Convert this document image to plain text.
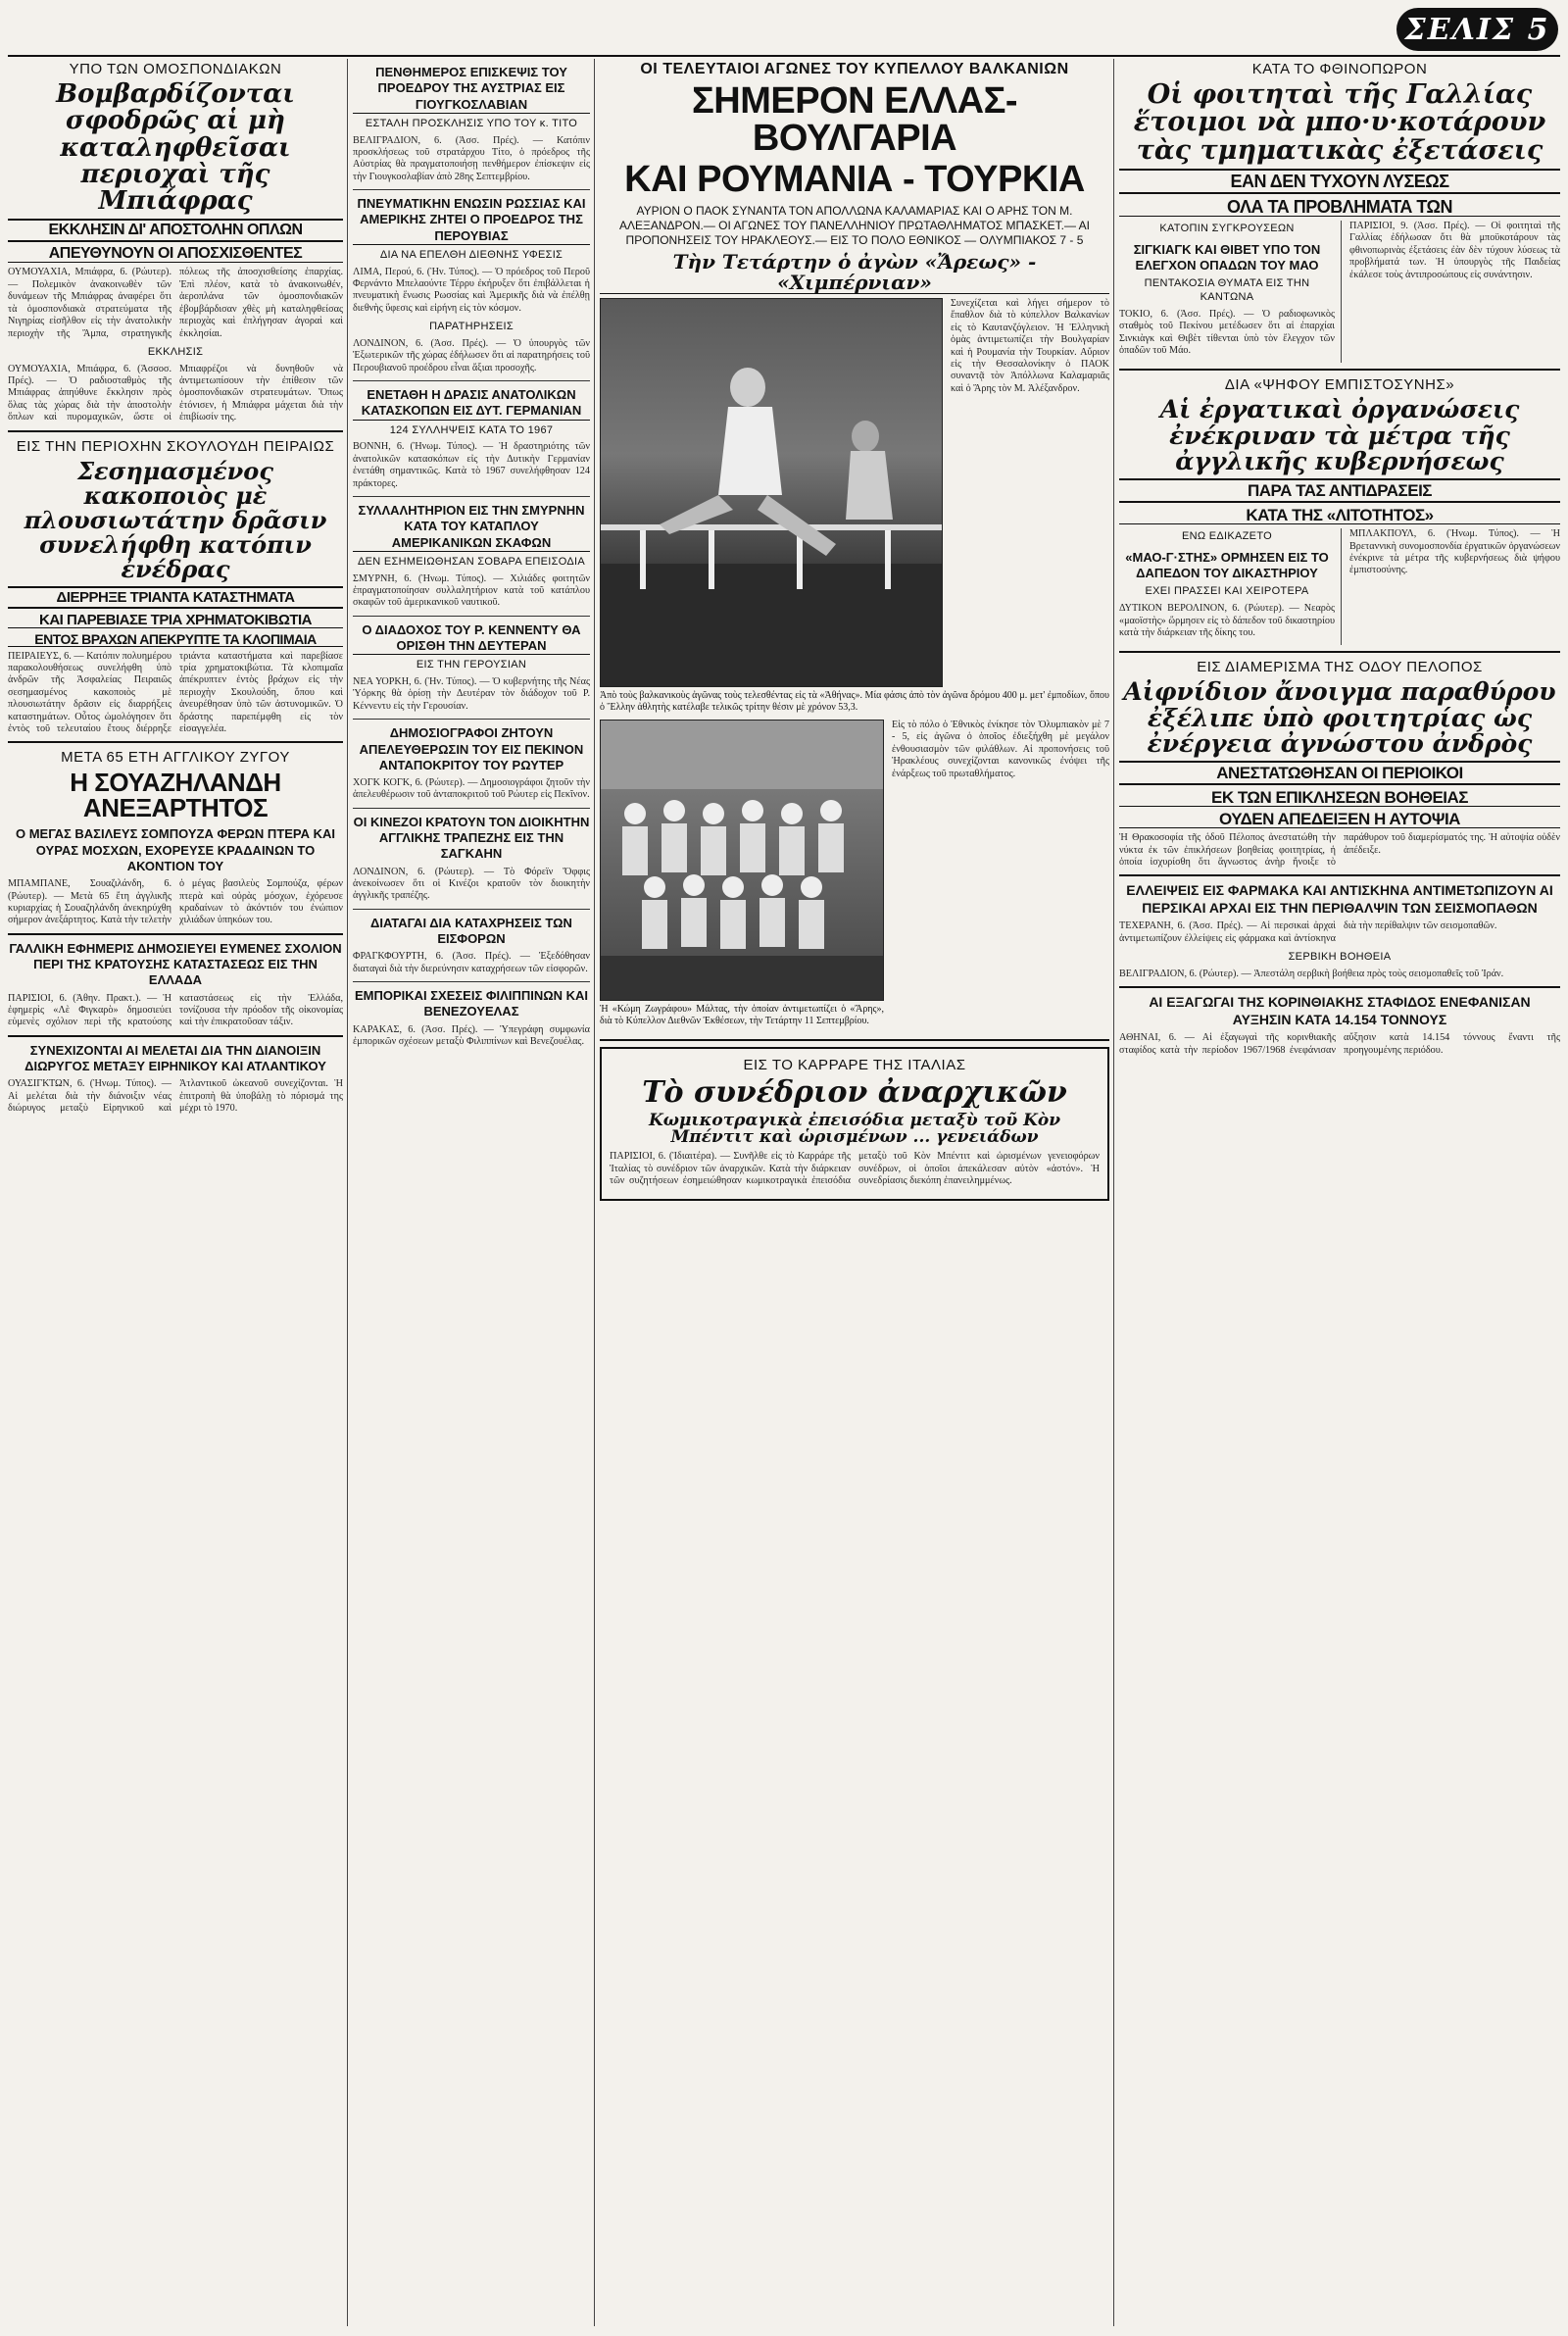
ΣΕΛΙΣ 5
ΥΠΟ ΤΩΝ ΟΜΟΣΠΟΝΔΙΑΚΩΝ
Βομβαρδίζονται σφοδρῶς αἱ μὴ καταληφθεῖσαι περιοχαὶ τῆς Μπιάφρας
ΕΚΚΛΗΣΙΝ ΔΙ' ΑΠΟΣΤΟΛΗΝ ΟΠΛΩΝ
ΑΠΕΥΘΥΝΟΥΝ ΟΙ ΑΠΟΣΧΙΣΘΕΝΤΕΣ

ΟΥΜΟΥΑΧΙΑ, Μπιάφρα, 6. (Ρώυτερ). — Πολεμικὸν ἀνακοινωθὲν τῶν δυνάμεων τῆς Μπιάφρας ἀναφέρει ὅτι τὰ ὁμοσπονδιακὰ στρατεύματα τῆς Νιγηρίας εἰσῆλθον εἰς τὴν ἀνατολικὴν περιοχὴν τῆς Ἄμπα, στρατηγικῆς πόλεως τῆς ἀποσχισθείσης ἐπαρχίας. Ἐπὶ πλέον, κατὰ τὸ ἀνακοινωθέν, ἀεροπλάνα τῶν ὁμοσπονδιακῶν ἐβομβάρδισαν χθὲς μὴ καταληφθείσας περιοχὰς καὶ ἐπλήγησαν ἀγοραὶ καὶ ἐκκλησίαι.

ΕΚΚΛΗΣΙΣ

ΟΥΜΟΥΑΧΙΑ, Μπιάφρα, 6. (Ἀσσοσ. Πρές). — Ὁ ραδιοσταθμὸς τῆς Μπιάφρας ἀπηύθυνε ἔκκλησιν πρὸς ὅλας τὰς χώρας διὰ τὴν ἀποστολὴν ὅπλων καὶ πυρομαχικῶν, ὥστε οἱ Μπιαφρέζοι νὰ δυνηθοῦν νὰ ἀντιμετωπίσουν τὴν ἐπίθεσιν τῶν ὁμοσπονδιακῶν στρατευμάτων. Ὅπως ἐτόνισεν, ἡ Μπιάφρα μάχεται διὰ τὴν ἐπιβίωσίν της.

ΕΙΣ ΤΗΝ ΠΕΡΙΟΧΗΝ ΣΚΟΥΛΟΥΔΗ ΠΕΙΡΑΙΩΣ
Σεσημασμένος κακοποιὸς μὲ πλουσιωτάτην δρᾶσιν συνελήφθη κατόπιν ἐνέδρας
ΔΙΕΡΡΗΞΕ ΤΡΙΑΝΤΑ ΚΑΤΑΣΤΗΜΑΤΑ
ΚΑΙ ΠΑΡΕΒΙΑΣΕ ΤΡΙΑ ΧΡΗΜΑΤΟΚΙΒΩΤΙΑ
ΕΝΤΟΣ ΒΡΑΧΩΝ ΑΠΕΚΡΥΠΤΕ ΤΑ ΚΛΟΠΙΜΑΙΑ

ΠΕΙΡΑΙΕΥΣ, 6. — Κατόπιν πολυημέρου παρακολουθήσεως συνελήφθη ὑπὸ ἀνδρῶν τῆς Ἀσφαλείας Πειραιῶς σεσημασμένος κακοποιὸς μὲ πλουσιωτάτην δρᾶσιν εἰς διαρρήξεις καταστημάτων. Οὗτος ὡμολόγησεν ὅτι ἐντὸς τοῦ τελευταίου ἔτους διέρρηξε τριάντα καταστήματα καὶ παρεβίασε τρία χρηματοκιβώτια. Τὰ κλοπιμαῖα ἀπέκρυπτεν ἐντὸς βράχων εἰς τὴν περιοχὴν Σκουλούδη, ὅπου καὶ ἀνευρέθησαν ὑπὸ τῶν ἀστυνομικῶν. Ὁ δράστης παρεπέμφθη εἰς τὸν εἰσαγγελέα.

ΜΕΤΑ 65 ΕΤΗ ΑΓΓΛΙΚΟΥ ΖΥΓΟΥ
Η ΣΟΥΑΖΗΛΑΝΔΗ ΑΝΕΞΑΡΤΗΤΟΣ
Ο ΜΕΓΑΣ ΒΑΣΙΛΕΥΣ ΣΟΜΠΟΥΖΑ ΦΕΡΩΝ ΠΤΕΡΑ ΚΑΙ ΟΥΡΑΣ ΜΟΣΧΩΝ, ΕΧΟΡΕΥΣΕ ΚΡΑΔΑΙΝΩΝ ΤΟ ΑΚΟΝΤΙΟΝ ΤΟΥ

ΜΠΑΜΠΑΝΕ, Σουαζιλάνδη, 6. (Ρώυτερ). — Μετὰ 65 ἔτη ἀγγλικῆς κυριαρχίας ἡ Σουαζηλάνδη ἀνεκηρύχθη σήμερον ἀνεξάρτητος. Κατὰ τὴν τελετὴν ὁ μέγας βασιλεὺς Σομπούζα, φέρων πτερὰ καὶ οὐρὰς μόσχων, ἐχόρευσε κραδαίνων τὸ ἀκόντιόν του ἐνώπιον χιλιάδων ὑπηκόων του.

ΓΑΛΛΙΚΗ ΕΦΗΜΕΡΙΣ ΔΗΜΟΣΙΕΥΕΙ ΕΥΜΕΝΕΣ ΣΧΟΛΙΟΝ ΠΕΡΙ ΤΗΣ ΚΡΑΤΟΥΣΗΣ ΚΑΤΑΣΤΑΣΕΩΣ ΕΙΣ ΤΗΝ ΕΛΛΑΔΑ

ΠΑΡΙΣΙΟΙ, 6. (Ἀθην. Πρακτ.). — Ἡ ἐφημερὶς «Λὲ Φιγκαρὸ» δημοσιεύει εὐμενὲς σχόλιον περὶ τῆς κρατούσης καταστάσεως εἰς τὴν Ἑλλάδα, τονίζουσα τὴν πρόοδον τῆς οἰκονομίας καὶ τὴν ἐπικρατοῦσαν τάξιν.

ΣΥΝΕΧΙΖΟΝΤΑΙ ΑΙ ΜΕΛΕΤΑΙ ΔΙΑ ΤΗΝ ΔΙΑΝΟΙΞΙΝ ΔΙΩΡΥΓΟΣ ΜΕΤΑΞΥ ΕΙΡΗΝΙΚΟΥ ΚΑΙ ΑΤΛΑΝΤΙΚΟΥ

ΟΥΑΣΙΓΚΤΩΝ, 6. (Ἡνωμ. Τύπος). — Αἱ μελέται διὰ τὴν διάνοιξιν νέας διώρυγος μεταξὺ Εἰρηνικοῦ καὶ Ἀτλαντικοῦ ὠκεανοῦ συνεχίζονται. Ἡ ἐπιτροπὴ θὰ ὑποβάλῃ τὸ πόρισμά της μέχρι τὸ 1970.

ΠΕΝΘΗΜΕΡΟΣ ΕΠΙΣΚΕΨΙΣ ΤΟΥ ΠΡΟΕΔΡΟΥ ΤΗΣ ΑΥΣΤΡΙΑΣ ΕΙΣ ΓΙΟΥΓΚΟΣΛΑΒΙΑΝ
ΕΣΤΑΛΗ ΠΡΟΣΚΛΗΣΙΣ ΥΠΟ ΤΟΥ κ. ΤΙΤΟ

ΒΕΛΙΓΡΑΔΙΟΝ, 6. (Ἀσσ. Πρές). — Κατόπιν προσκλήσεως τοῦ στρατάρχου Τίτο, ὁ πρόεδρος τῆς Αὐστρίας θὰ πραγματοποιήσῃ πενθήμερον ἐπίσκεψιν εἰς τὴν Γιουγκοσλαβίαν ἀπὸ 28ης Σεπτεμβρίου.

ΠΝΕΥΜΑΤΙΚΗΝ ΕΝΩΣΙΝ ΡΩΣΣΙΑΣ ΚΑΙ ΑΜΕΡΙΚΗΣ ΖΗΤΕΙ Ο ΠΡΟΕΔΡΟΣ ΤΗΣ ΠΕΡΟΥΒΙΑΣ
ΔΙΑ ΝΑ ΕΠΕΛΘΗ ΔΙΕΘΝΗΣ ΥΦΕΣΙΣ

ΛΙΜΑ, Περού, 6. (Ἡν. Τύπος). — Ὁ πρόεδρος τοῦ Περοῦ Φερνάντο Μπελαούντε Τέρρυ ἐκήρυξεν ὅτι ἐπιβάλλεται ἡ πνευματικὴ ἕνωσις Ρωσσίας καὶ Ἀμερικῆς διὰ νὰ ἐπέλθῃ διεθνὴς ὕφεσις καὶ εἰρήνη εἰς τὸν κόσμον.

ΠΑΡΑΤΗΡΗΣΕΙΣ

ΛΟΝΔΙΝΟΝ, 6. (Ἀσσ. Πρές). — Ὁ ὑπουργὸς τῶν Ἐξωτερικῶν τῆς χώρας ἐδήλωσεν ὅτι αἱ παρατηρήσεις τοῦ Περουβιανοῦ προέδρου εἶναι ἄξιαι προσοχῆς.

ΕΝΕΤΑΘΗ Η ΔΡΑΣΙΣ ΑΝΑΤΟΛΙΚΩΝ ΚΑΤΑΣΚΟΠΩΝ ΕΙΣ ΔΥΤ. ΓΕΡΜΑΝΙΑΝ
124 ΣΥΛΛΗΨΕΙΣ ΚΑΤΑ ΤΟ 1967

ΒΟΝΝΗ, 6. (Ἡνωμ. Τύπος). — Ἡ δραστηριότης τῶν ἀνατολικῶν κατασκόπων εἰς τὴν Δυτικὴν Γερμανίαν ἐνετάθη σημαντικῶς. Κατὰ τὸ 1967 συνελήφθησαν 124 πράκτορες.

ΣΥΛΛΑΛΗΤΗΡΙΟΝ ΕΙΣ ΤΗΝ ΣΜΥΡΝΗΝ ΚΑΤΑ ΤΟΥ ΚΑΤΑΠΛΟΥ ΑΜΕΡΙΚΑΝΙΚΩΝ ΣΚΑΦΩΝ
ΔΕΝ ΕΣΗΜΕΙΩΘΗΣΑΝ ΣΟΒΑΡΑ ΕΠΕΙΣΟΔΙΑ

ΣΜΥΡΝΗ, 6. (Ἡνωμ. Τύπος). — Χιλιάδες φοιτητῶν ἐπραγματοποίησαν συλλαλητήριον κατὰ τοῦ κατάπλου σκαφῶν τοῦ ἀμερικανικοῦ ναυτικοῦ.

Ο ΔΙΑΔΟΧΟΣ ΤΟΥ Ρ. ΚΕΝΝΕΝΤΥ ΘΑ ΟΡΙΣΘΗ ΤΗΝ ΔΕΥΤΕΡΑΝ
ΕΙΣ ΤΗΝ ΓΕΡΟΥΣΙΑΝ

ΝΕΑ ΥΟΡΚΗ, 6. (Ἡν. Τύπος). — Ὁ κυβερνήτης τῆς Νέας Ὑόρκης θὰ ὁρίσῃ τὴν Δευτέραν τὸν διάδοχον τοῦ Ρ. Κέννεντυ εἰς τὴν Γερουσίαν.

ΔΗΜΟΣΙΟΓΡΑΦΟΙ ΖΗΤΟΥΝ ΑΠΕΛΕΥΘΕΡΩΣΙΝ ΤΟΥ ΕΙΣ ΠΕΚΙΝΟΝ ΑΝΤΑΠΟΚΡΙΤΟΥ ΤΟΥ ΡΩΥΤΕΡ

ΧΟΓΚ ΚΟΓΚ, 6. (Ρώυτερ). — Δημοσιογράφοι ζητοῦν τὴν ἀπελευθέρωσιν τοῦ ἀνταποκριτοῦ τοῦ Ρώυτερ εἰς Πεκῖνον.

ΟΙ ΚΙΝΕΖΟΙ ΚΡΑΤΟΥΝ ΤΟΝ ΔΙΟΙΚΗΤΗΝ ΑΓΓΛΙΚΗΣ ΤΡΑΠΕΖΗΣ ΕΙΣ ΤΗΝ ΣΑΓΚΑΗΝ

ΛΟΝΔΙΝΟΝ, 6. (Ρώυτερ). — Τὸ Φόρεϊν Ὄφφις ἀνεκοίνωσεν ὅτι οἱ Κινέζοι κρατοῦν τὸν διοικητὴν ἀγγλικῆς τραπέζης.

ΔΙΑΤΑΓΑΙ ΔΙΑ ΚΑΤΑΧΡΗΣΕΙΣ ΤΩΝ ΕΙΣΦΟΡΩΝ

ΦΡΑΓΚΦΟΥΡΤΗ, 6. (Ἀσσ. Πρές). — Ἐξεδόθησαν διαταγαὶ διὰ τὴν διερεύνησιν καταχρήσεων τῶν εἰσφορῶν.

ΕΜΠΟΡΙΚΑΙ ΣΧΕΣΕΙΣ ΦΙΛΙΠΠΙΝΩΝ ΚΑΙ ΒΕΝΕΖΟΥΕΛΑΣ

ΚΑΡΑΚΑΣ, 6. (Ἀσσ. Πρές). — Ὑπεγράφη συμφωνία ἐμπορικῶν σχέσεων μεταξὺ Φιλιππίνων καὶ Βενεζουέλας.

ΟΙ ΤΕΛΕΥΤΑΙΟΙ ΑΓΩΝΕΣ ΤΟΥ ΚΥΠΕΛΛΟΥ ΒΑΛΚΑΝΙΩΝ
ΣΗΜΕΡΟΝ ΕΛΛΑΣ-ΒΟΥΛΓΑΡΙΑ
ΚΑΙ ΡΟΥΜΑΝΙΑ - ΤΟΥΡΚΙΑ
ΑΥΡΙΟΝ Ο ΠΑΟΚ ΣΥΝΑΝΤΑ ΤΟΝ ΑΠΟΛΛΩΝΑ ΚΑΛΑΜΑΡΙΑΣ ΚΑΙ Ο ΑΡΗΣ ΤΟΝ Μ. ΑΛΕΞΑΝΔΡΟΝ.— ΟΙ ΑΓΩΝΕΣ ΤΟΥ ΠΑΝΕΛΛΗΝΙΟΥ ΠΡΩΤΑΘΛΗΜΑΤΟΣ ΜΠΑΣΚΕΤ.— ΑΙ ΠΡΟΠΟΝΗΣΕΙΣ ΤΟΥ ΗΡΑΚΛΕΟΥΣ.— ΕΙΣ ΤΟ ΠΟΛΟ ΕΘΝΙΚΟΣ — ΟΛΥΜΠΙΑΚΟΣ 7 - 5
Τὴν Τετάρτην ὁ ἀγὼν «Ἄρεως» - «Χιμπέρνιαν»

Συνεχίζεται καὶ λήγει σήμερον τὸ ἔπαθλον διὰ τὸ κύπελλον Βαλκανίων εἰς τὸ Καυτανζόγλειον. Ἡ Ἑλληνικὴ ὁμὰς ἀντιμετωπίζει τὴν Βουλγαρίαν καὶ ἡ Ρουμανία τὴν Τουρκίαν. Αὔριον εἰς τὴν Θεσσαλονίκην ὁ ΠΑΟΚ συναντᾷ τὸν Ἀπόλλωνα Καλαμαριᾶς καὶ ὁ Ἄρης τὸν Μ. Ἀλέξανδρον.

Ἀπὸ τοὺς βαλκανικοὺς ἀγῶνας τοὺς τελεσθέντας εἰς τὰ «Ἀθήνας». Μία φάσις ἀπὸ τὸν ἀγῶνα δρόμου 400 μ. μετ' ἐμποδίων, ὅπου ὁ Ἕλλην ἀθλητὴς κατέλαβε τελικῶς τρίτην θέσιν μὲ χρόνον 53,3.

Ἡ «Κώμη Ζωγράφου» Μάλτας, τὴν ὁποίαν ἀντιμετωπίζει ὁ «Ἄρης», διὰ τὸ Κύπελλον Διεθνῶν Ἐκθέσεων, τὴν Τετάρτην 11 Σεπτεμβρίου.

Εἰς τὸ πόλο ὁ Ἐθνικὸς ἐνίκησε τὸν Ὀλυμπιακὸν μὲ 7 - 5, εἰς ἀγῶνα ὁ ὁποῖος ἐδιεξήχθη μὲ μεγάλον ἐνθουσιασμὸν τῶν φιλάθλων. Αἱ προπονήσεις τοῦ Ἡρακλέους συνεχίζονται κανονικῶς ἐνόψει τῆς ἐνάρξεως τοῦ πρωταθλήματος.

ΕΙΣ ΤΟ ΚΑΡΡΑΡΕ ΤΗΣ ΙΤΑΛΙΑΣ
Τὸ συνέδριον ἀναρχικῶν
Κωμικοτραγικὰ ἐπεισόδια μεταξὺ τοῦ Κὸν Μπέντιτ καὶ ὡρισμένων ... γενειάδων

ΠΑΡΙΣΙΟΙ, 6. (Ἰδιαιτέρα). — Συνῆλθε εἰς τὸ Καρράρε τῆς Ἰταλίας τὸ συνέδριον τῶν ἀναρχικῶν. Κατὰ τὴν διάρκειαν τῶν συζητήσεων ἐσημειώθησαν κωμικοτραγικὰ ἐπεισόδια μεταξὺ τοῦ Κὸν Μπέντιτ καὶ ὡρισμένων γενειοφόρων συνέδρων, οἱ ὁποῖοι ἀπεκάλεσαν αὐτὸν «ἀστόν». Ἡ συνεδρίασις διεκόπη ἐπανειλημμένως.

ΚΑΤΑ ΤΟ ΦΘΙΝΟΠΩΡΟΝ
Οἱ φοιτηταὶ τῆς Γαλλίας ἕτοιμοι νὰ μπο·υ·κοτάρουν τὰς τμηματικὰς ἐξετάσεις
ΕΑΝ ΔΕΝ ΤΥΧΟΥΝ ΛΥΣΕΩΣ
ΟΛΑ ΤΑ ΠΡΟΒΛΗΜΑΤΑ ΤΩΝ
ΚΑΤΟΠΙΝ ΣΥΓΚΡΟΥΣΕΩΝ
ΣΙΓΚΙΑΓΚ ΚΑΙ ΘΙΒΕΤ ΥΠΟ ΤΟΝ ΕΛΕΓΧΟΝ ΟΠΑΔΩΝ ΤΟΥ ΜΑΟ
ΠΕΝΤΑΚΟΣΙΑ ΘΥΜΑΤΑ ΕΙΣ ΤΗΝ ΚΑΝΤΩΝΑ

ΤΟΚΙΟ, 6. (Ἀσσ. Πρές). — Ὁ ραδιοφωνικὸς σταθμὸς τοῦ Πεκίνου μετέδωσεν ὅτι αἱ ἐπαρχίαι Σινκιὰγκ καὶ Θιβὲτ τίθενται ὑπὸ τὸν ἔλεγχον τῶν ὀπαδῶν τοῦ Μάο.

ΠΑΡΙΣΙΟΙ, 9. (Ἀσσ. Πρές). — Οἱ φοιτηταὶ τῆς Γαλλίας ἐδήλωσαν ὅτι θὰ μποϋκοτάρουν τὰς φθινοπωρινὰς ἐξετάσεις ἐὰν δὲν τύχουν λύσεως τὰ προβλήματά των. Ἡ ὑπουργὸς τῆς Παιδείας ἐκάλεσε τοὺς ἀντιπροσώπους εἰς συνάντησιν.

ΔΙΑ «ΨΗΦΟΥ ΕΜΠΙΣΤΟΣΥΝΗΣ»
Αἱ ἐργατικαὶ ὀργανώσεις ἐνέκριναν τὰ μέτρα τῆς ἀγγλικῆς κυβερνήσεως
ΠΑΡΑ ΤΑΣ ΑΝΤΙΔΡΑΣΕΙΣ
ΚΑΤΑ ΤΗΣ «ΛΙΤΟΤΗΤΟΣ»
ΕΝΩ ΕΔΙΚΑΖΕΤΟ
«ΜΑΟ-Γ·ΣΤΗΣ» ΟΡΜΗΣΕΝ ΕΙΣ ΤΟ ΔΑΠΕΔΟΝ ΤΟΥ ΔΙΚΑΣΤΗΡΙΟΥ
ΕΧΕΙ ΠΡΑΣΣΕΙ ΚΑΙ ΧΕΙΡΟΤΕΡΑ

ΔΥΤΙΚΟΝ ΒΕΡΟΛΙΝΟΝ, 6. (Ρώυτερ). — Νεαρὸς «μαοϊστὴς» ὥρμησεν εἰς τὸ δάπεδον τοῦ δικαστηρίου κατὰ τὴν διάρκειαν τῆς δίκης του.

ΜΠΛΑΚΠΟΥΛ, 6. (Ἡνωμ. Τύπος). — Ἡ Βρεταννικὴ συνομοσπονδία ἐργατικῶν ὀργανώσεων ἐνέκρινε τὰ μέτρα τῆς κυβερνήσεως διὰ ψήφου ἐμπιστοσύνης.

ΕΙΣ ΔΙΑΜΕΡΙΣΜΑ ΤΗΣ ΟΔΟΥ ΠΕΛΟΠΟΣ
Αἰφνίδιον ἄνοιγμα παραθύρου ἐξέλιπε ὑπὸ φοιτητρίας ὡς ἐνέργεια ἀγνώστου ἀνδρὸς
ΑΝΕΣΤΑΤΩΘΗΣΑΝ ΟΙ ΠΕΡΙΟΙΚΟΙ
ΕΚ ΤΩΝ ΕΠΙΚΛΗΣΕΩΝ ΒΟΗΘΕΙΑΣ
ΟΥΔΕΝ ΑΠΕΔΕΙΞΕΝ Η ΑΥΤΟΨΙΑ

Ἡ Θρακοσοφία τῆς ὁδοῦ Πέλοπος ἀνεστατώθη τὴν νύκτα ἐκ τῶν ἐπικλήσεων βοηθείας φοιτητρίας, ἡ ὁποία ἰσχυρίσθη ὅτι ἄγνωστος ἀνὴρ ἤνοιξε τὸ παράθυρον τοῦ διαμερίσματός της. Ἡ αὐτοψία οὐδὲν ἀπέδειξε.

ΕΛΛΕΙΨΕΙΣ ΕΙΣ ΦΑΡΜΑΚΑ ΚΑΙ ΑΝΤΙΣΚΗΝΑ ΑΝΤΙΜΕΤΩΠΙΖΟΥΝ ΑΙ ΠΕΡΣΙΚΑΙ ΑΡΧΑΙ ΕΙΣ ΤΗΝ ΠΕΡΙΘΑΛΨΙΝ ΤΩΝ ΣΕΙΣΜΟΠΑΘΩΝ

ΤΕΧΕΡΑΝΗ, 6. (Ἀσσ. Πρές). — Αἱ περσικαὶ ἀρχαὶ ἀντιμετωπίζουν ἐλλείψεις εἰς φάρμακα καὶ ἀντίσκηνα διὰ τὴν περίθαλψιν τῶν σεισμοπαθῶν.

ΣΕΡΒΙΚΗ ΒΟΗΘΕΙΑ

ΒΕΛΙΓΡΑΔΙΟΝ, 6. (Ρώυτερ). — Ἀπεστάλη σερβικὴ βοήθεια πρὸς τοὺς σεισμοπαθεῖς τοῦ Ἰράν.

ΑΙ ΕΞΑΓΩΓΑΙ ΤΗΣ ΚΟΡΙΝΘΙΑΚΗΣ ΣΤΑΦΙΔΟΣ ΕΝΕΦΑΝΙΣΑΝ ΑΥΞΗΣΙΝ ΚΑΤΑ 14.154 ΤΟΝΝΟΥΣ

ΑΘΗΝΑΙ, 6. — Αἱ ἐξαγωγαὶ τῆς κορινθιακῆς σταφίδος κατὰ τὴν περίοδον 1967/1968 ἐνεφάνισαν αὔξησιν κατὰ 14.154 τόννους ἔναντι τῆς προηγουμένης περιόδου.
